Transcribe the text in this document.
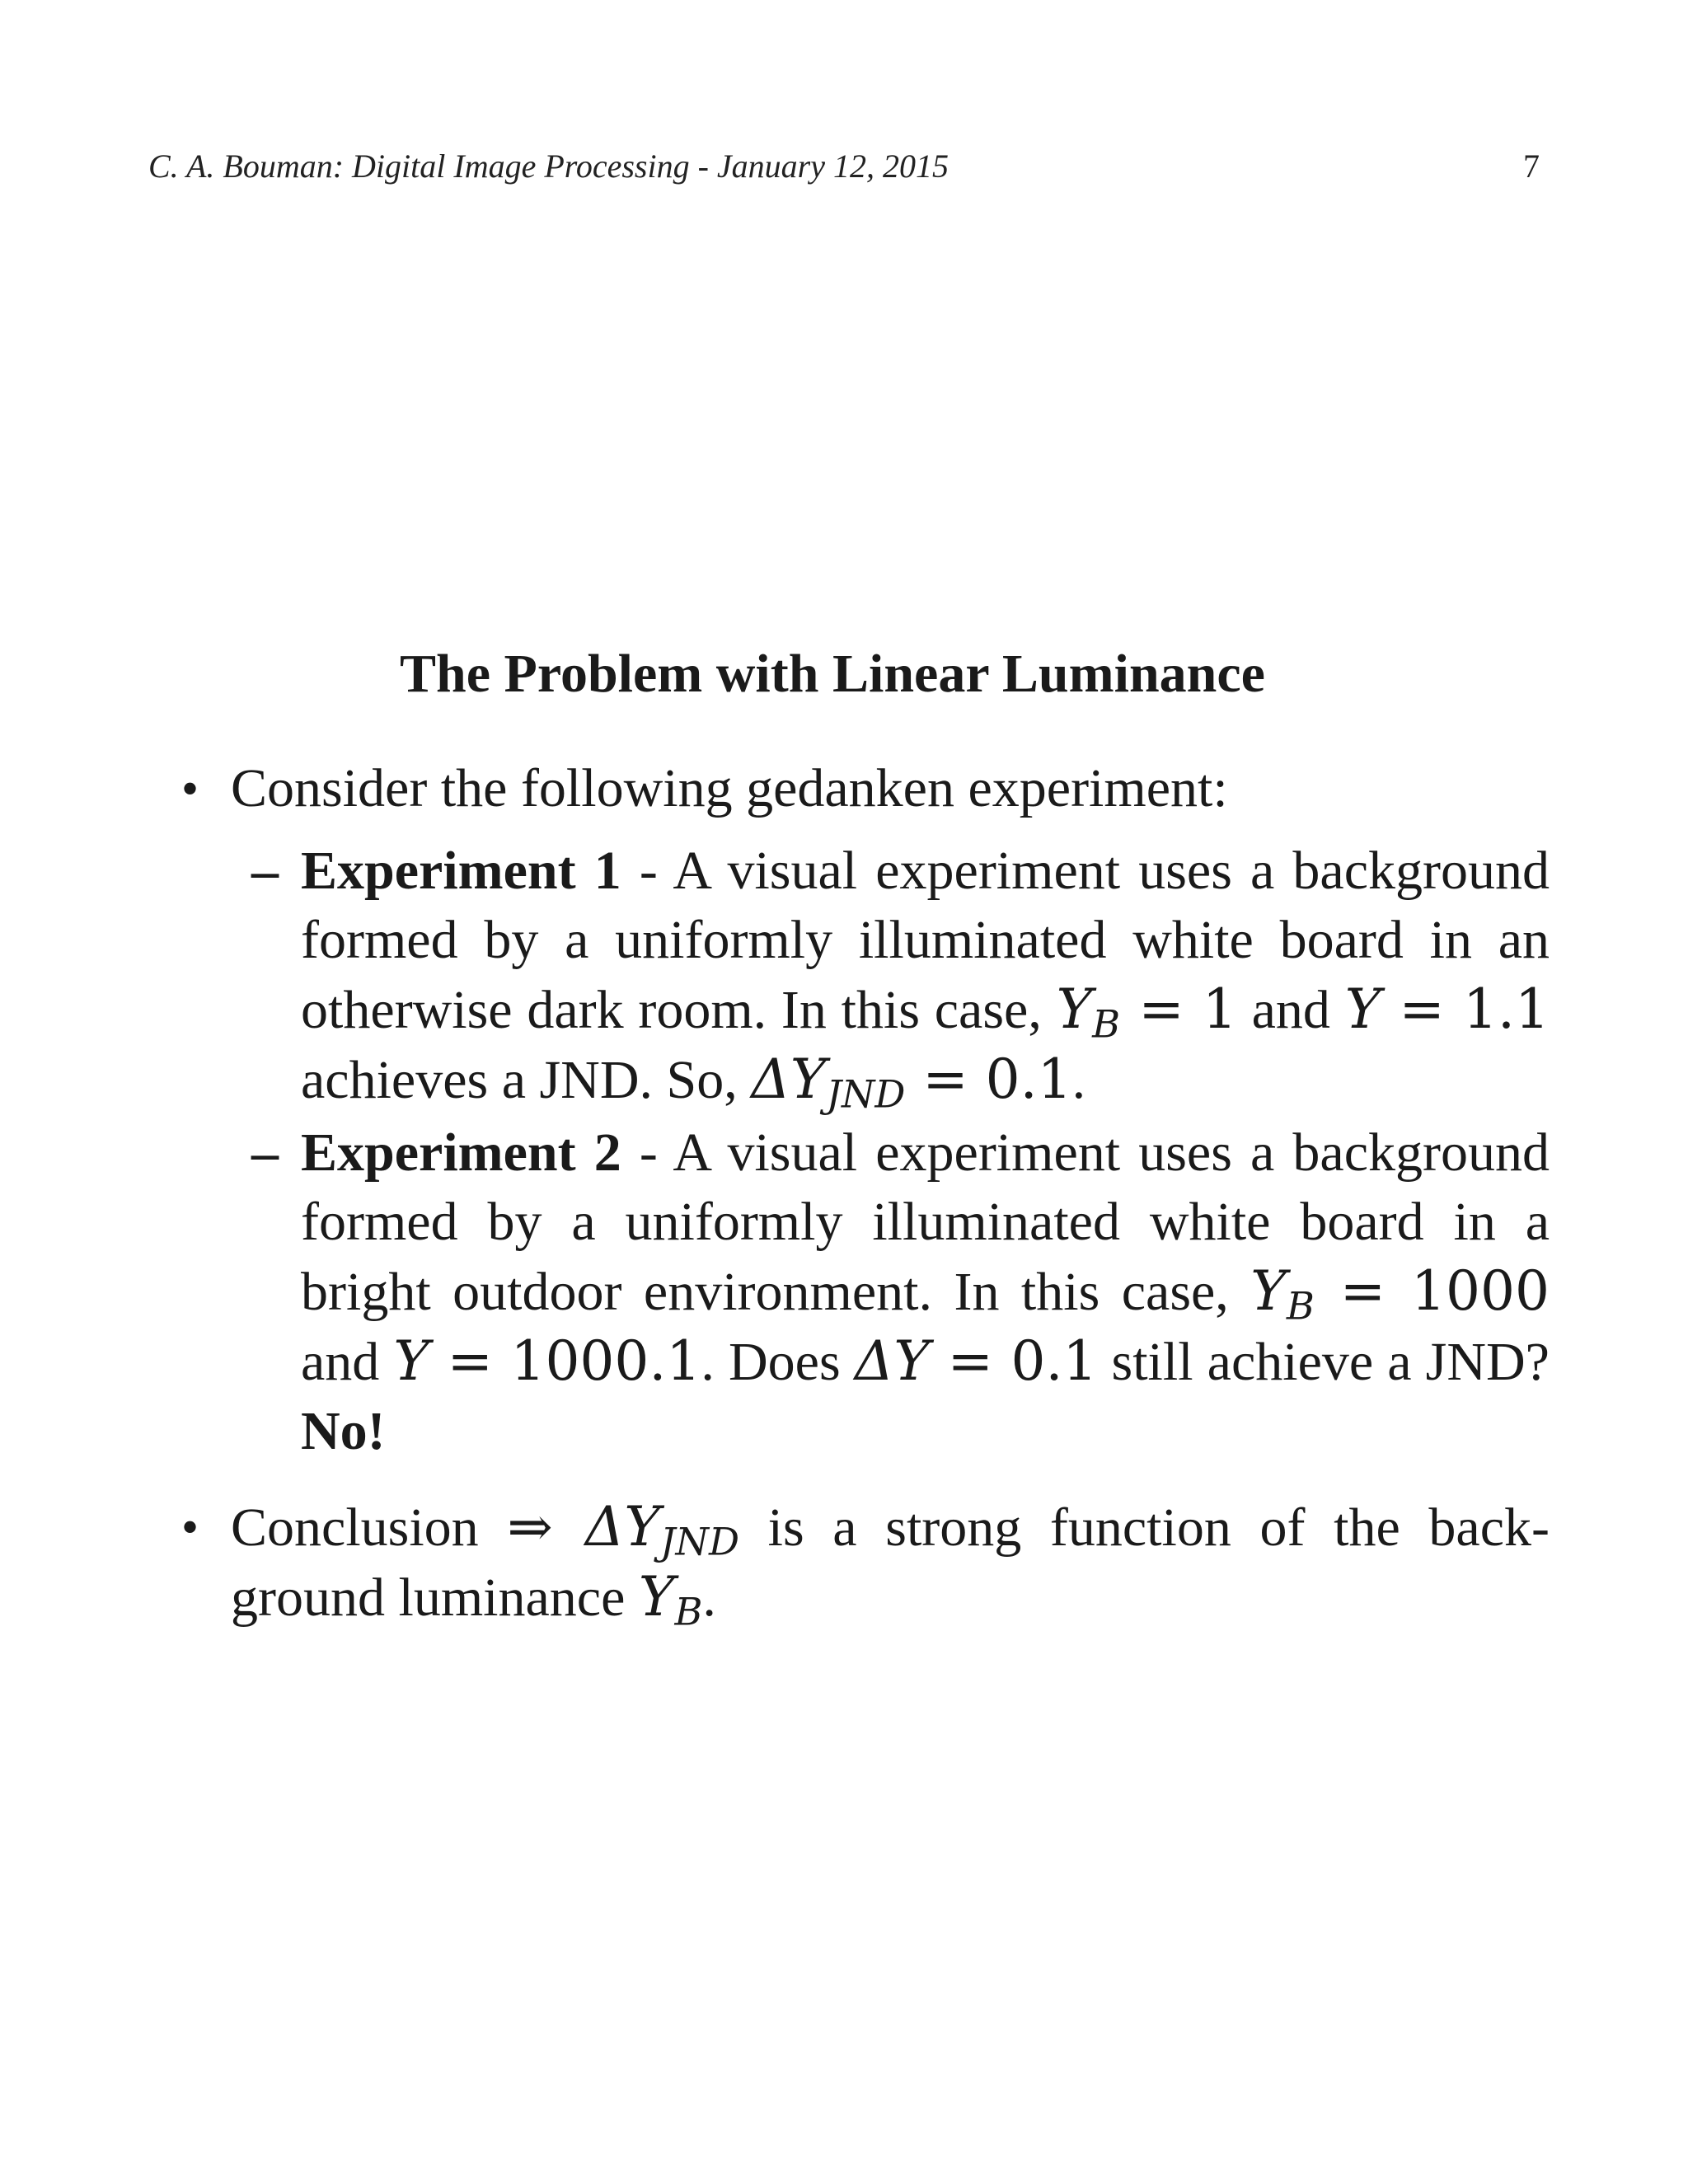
C. A. Bouman: Digital Image Processing - January 12, 2015	7
The Problem with Linear Luminance
• Consider the following gedanken experiment:
– Experiment 1 - A visual experiment uses a background formed by a uniformly illuminated white board in an otherwise dark room. In this case, $Y_B = 1$ and Y = 1.1 achieves a JND. So, $\Delta Y_{JND} = 0.1$.
– Experiment 2 - A visual experiment uses a background formed by a uniformly illuminated white board in a bright outdoor environment. In this case, $Y_B = 1000$ and Y = 1000.1. Does ΔY = 0.1 still achieve a JND? No!
• Conclusion ⇒ $\Delta Y_{JND}$ is a strong function of the back-ground luminance $Y_B$.
